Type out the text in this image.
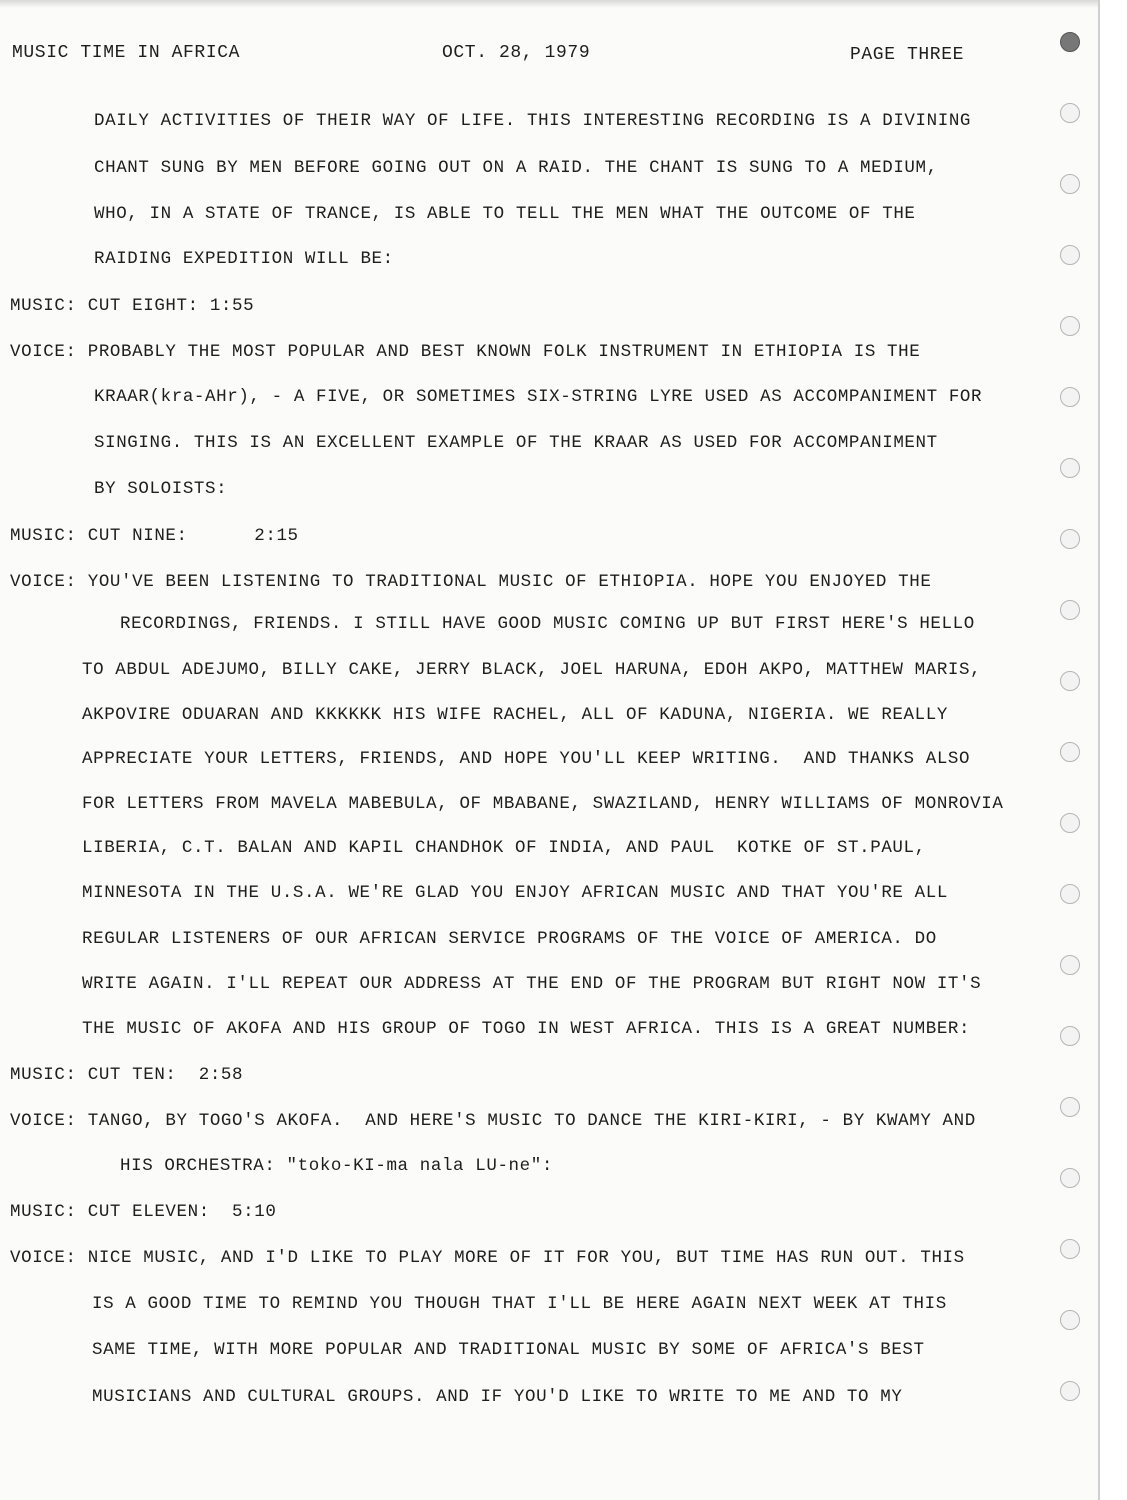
MUSIC TIME IN AFRICA	OCT. 28, 1979	PAGE THREE
DAILY ACTIVITIES OF THEIR WAY OF LIFE. THIS INTERESTING RECORDING IS A DIVINING
CHANT SUNG BY MEN BEFORE GOING OUT ON A RAID. THE CHANT IS SUNG TO A MEDIUM,
WHO, IN A STATE OF TRANCE, IS ABLE TO TELL THE MEN WHAT THE OUTCOME OF THE
RAIDING EXPEDITION WILL BE:
MUSIC: CUT EIGHT: 1:55
VOICE: PROBABLY THE MOST POPULAR AND BEST KNOWN FOLK INSTRUMENT IN ETHIOPIA IS THE
KRAAR(kra-AHr), - A FIVE, OR SOMETIMES SIX-STRING LYRE USED AS ACCOMPANIMENT FOR
SINGING. THIS IS AN EXCELLENT EXAMPLE OF THE KRAAR AS USED FOR ACCOMPANIMENT
BY SOLOISTS:
MUSIC: CUT NINE:      2:15
VOICE: YOU'VE BEEN LISTENING TO TRADITIONAL MUSIC OF ETHIOPIA. HOPE YOU ENJOYED THE
RECORDINGS, FRIENDS. I STILL HAVE GOOD MUSIC COMING UP BUT FIRST HERE'S HELLO
TO ABDUL ADEJUMO, BILLY CAKE, JERRY BLACK, JOEL HARUNA, EDOH AKPO, MATTHEW MARIS,
AKPOVIRE ODUARAN AND KKKKKK HIS WIFE RACHEL, ALL OF KADUNA, NIGERIA. WE REALLY
APPRECIATE YOUR LETTERS, FRIENDS, AND HOPE YOU'LL KEEP WRITING.  AND THANKS ALSO
FOR LETTERS FROM MAVELA MABEBULA, OF MBABANE, SWAZILAND, HENRY WILLIAMS OF MONROVIA
LIBERIA, C.T. BALAN AND KAPIL CHANDHOK OF INDIA, AND PAUL  KOTKE OF ST.PAUL,
MINNESOTA IN THE U.S.A. WE'RE GLAD YOU ENJOY AFRICAN MUSIC AND THAT YOU'RE ALL
REGULAR LISTENERS OF OUR AFRICAN SERVICE PROGRAMS OF THE VOICE OF AMERICA. DO
WRITE AGAIN. I'LL REPEAT OUR ADDRESS AT THE END OF THE PROGRAM BUT RIGHT NOW IT'S
THE MUSIC OF AKOFA AND HIS GROUP OF TOGO IN WEST AFRICA. THIS IS A GREAT NUMBER:
MUSIC: CUT TEN:  2:58
VOICE: TANGO, BY TOGO'S AKOFA.  AND HERE'S MUSIC TO DANCE THE KIRI-KIRI, - BY KWAMY AND
HIS ORCHESTRA: "toko-KI-ma nala LU-ne":
MUSIC: CUT ELEVEN:  5:10
VOICE: NICE MUSIC, AND I'D LIKE TO PLAY MORE OF IT FOR YOU, BUT TIME HAS RUN OUT. THIS
IS A GOOD TIME TO REMIND YOU THOUGH THAT I'LL BE HERE AGAIN NEXT WEEK AT THIS
SAME TIME, WITH MORE POPULAR AND TRADITIONAL MUSIC BY SOME OF AFRICA'S BEST
MUSICIANS AND CULTURAL GROUPS. AND IF YOU'D LIKE TO WRITE TO ME AND TO MY
